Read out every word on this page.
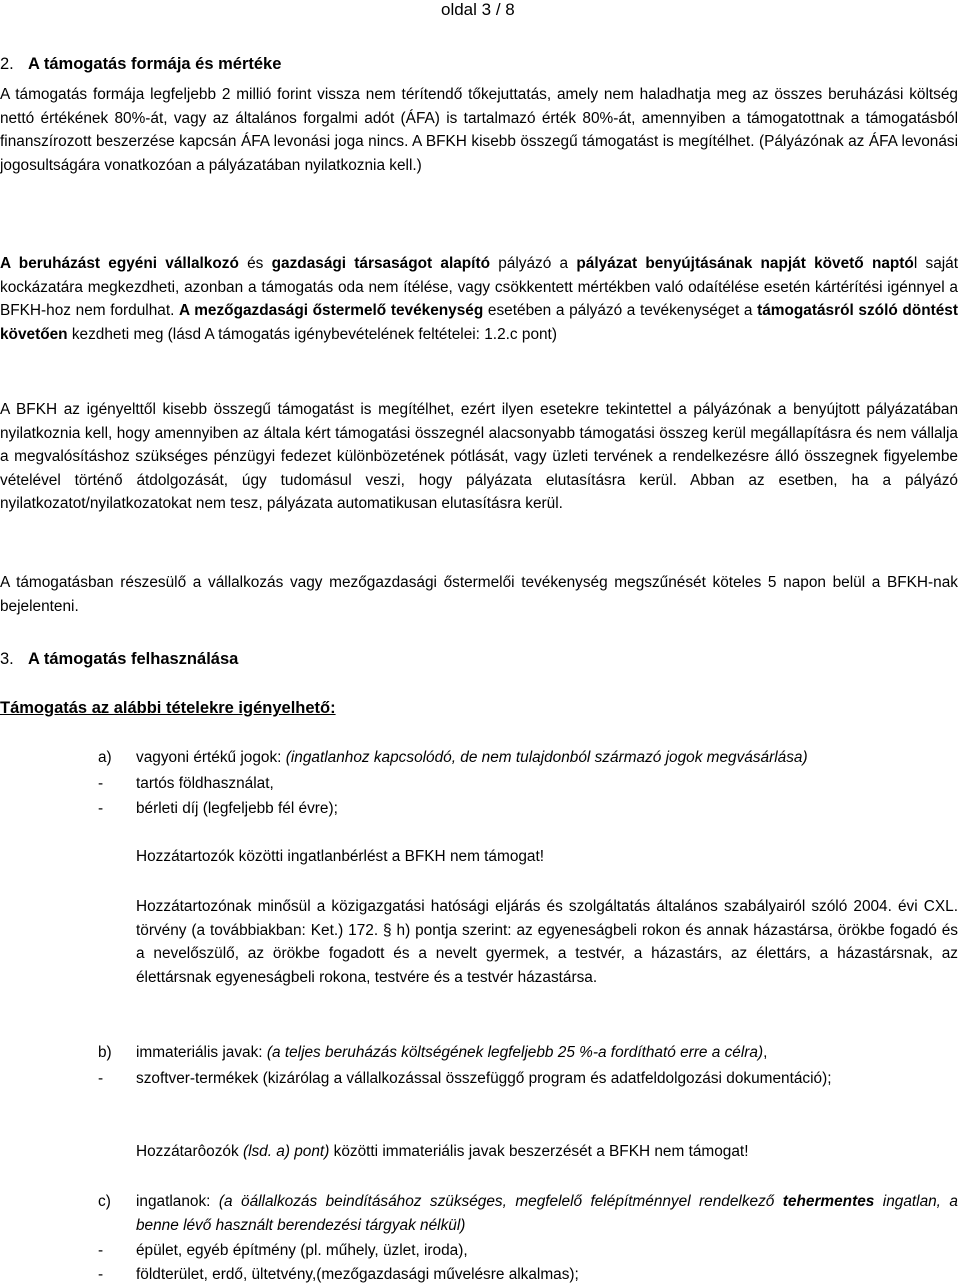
oldal 3 / 8
2. A támogatás formája és mértéke

A támogatás formája legfeljebb 2 millió forint vissza nem térítendő tőkejuttatás, amely nem haladhatja meg az összes beruházási költség nettó értékének 80%-át, vagy az általános forgalmi adót (ÁFA) is tartalmazó érték 80%-át, amennyiben a támogatottnak a támogatásból finanszírozott beszerzése kapcsán ÁFA levonási joga nincs. A BFKH kisebb összegű támogatást is megítélhet. (Pályázónak az ÁFA levonási jogosultságára vonatkozóan a pályázatában nyilatkoznia kell.)

A beruházást egyéni vállalkozó és gazdasági társaságot alapító pályázó a pályázat benyújtásának napját követő naptól saját kockázatára megkezdheti, azonban a támogatás oda nem ítélése, vagy csökkentett mértékben való odaítélése esetén kártérítési igénnyel a BFKH-hoz nem fordulhat. A mezőgazdasági őstermelő tevékenység esetében a pályázó a tevékenységet a támogatásról szóló döntést követően kezdheti meg (lásd A támogatás igénybevételének feltételei: 1.2.c pont)

A BFKH az igényelttől kisebb összegű támogatást is megítélhet, ezért ilyen esetekre tekintettel a pályázónak a benyújtott pályázatában nyilatkoznia kell, hogy amennyiben az általa kért támogatási összegnél alacsonyabb támogatási összeg kerül megállapításra és nem vállalja a megvalósításhoz szükséges pénzügyi fedezet különbözetének pótlását, vagy üzleti tervének a rendelkezésre álló összegnek figyelembe vételével történő átdolgozását, úgy tudomásul veszi, hogy pályázata elutasításra kerül. Abban az esetben, ha a pályázó nyilatkozatot/nyilatkozatokat nem tesz, pályázata automatikusan elutasításra kerül.

A támogatásban részesülő a vállalkozás vagy mezőgazdasági őstermelői tevékenység megszűnését köteles 5 napon belül a BFKH-nak bejelenteni.

3. A támogatás felhasználása
Támogatás az alábbi tételekre igényelhető:
a) vagyoni értékű jogok: (ingatlanhoz kapcsolódó, de nem tulajdonból származó jogok megvásárlása)
- tartós földhasználat,
- bérleti díj (legfeljebb fél évre);
Hozzátartozók közötti ingatlanbérlést a BFKH nem támogat!
Hozzátartozónak minősül a közigazgatási hatósági eljárás és szolgáltatás általános szabályairól szóló 2004. évi CXL. törvény (a továbbiakban: Ket.) 172. § h) pontja szerint: az egyeneságbeli rokon és annak házastársa, örökbe fogadó és a nevelőszülő, az örökbe fogadott és a nevelt gyermek, a testvér, a házastárs, az élettárs, a házastársnak, az élettársnak egyeneságbeli rokona, testvére és a testvér házastársa.
b) immateriális javak: (a teljes beruházás költségének legfeljebb 25 %-a fordítható erre a célra),
- szoftver-termékek (kizárólag a vállalkozással összefüggő program és adatfeldolgozási dokumentáció);
Hozzátarôozók (lsd. a) pont) közötti immateriális javak beszerzését a BFKH nem támogat!
c) ingatlanok: (a öállalkozás beindításához szükséges, megfelelő felépítménnyel rendelkező tehermentes ingatlan, a benne lévő használt berendezési tárgyak nélkül)
- épület, egyéb építmény (pl. műhely, üzlet, iroda),
- földterület, erdő, ültetvény,(mezőgazdasági művelésre alkalmas);
